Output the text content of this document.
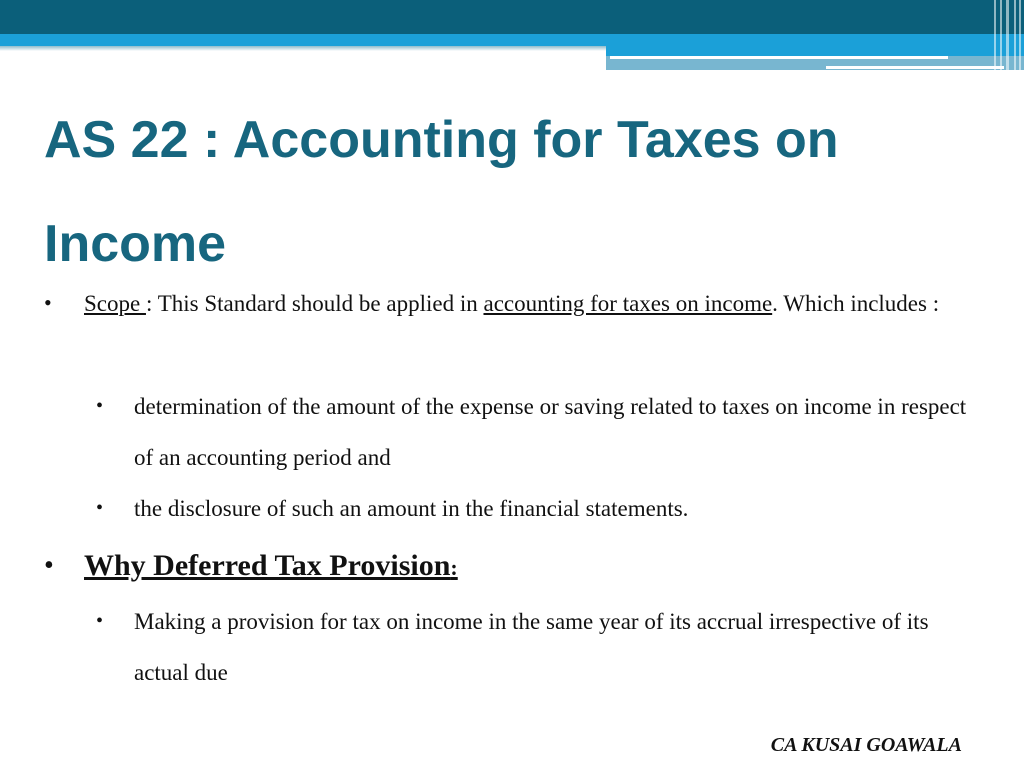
AS 22 : Accounting for Taxes on Income
• Scope : This Standard should be applied in accounting for taxes on income. Which includes :
• determination of the amount of the expense or saving related to taxes on income in respect of an accounting period and
• the disclosure of such an amount in the financial statements.
• Why Deferred Tax Provision:
• Making a provision for tax on income in the same year of its accrual irrespective of its actual due
CA KUSAI GOAWALA
